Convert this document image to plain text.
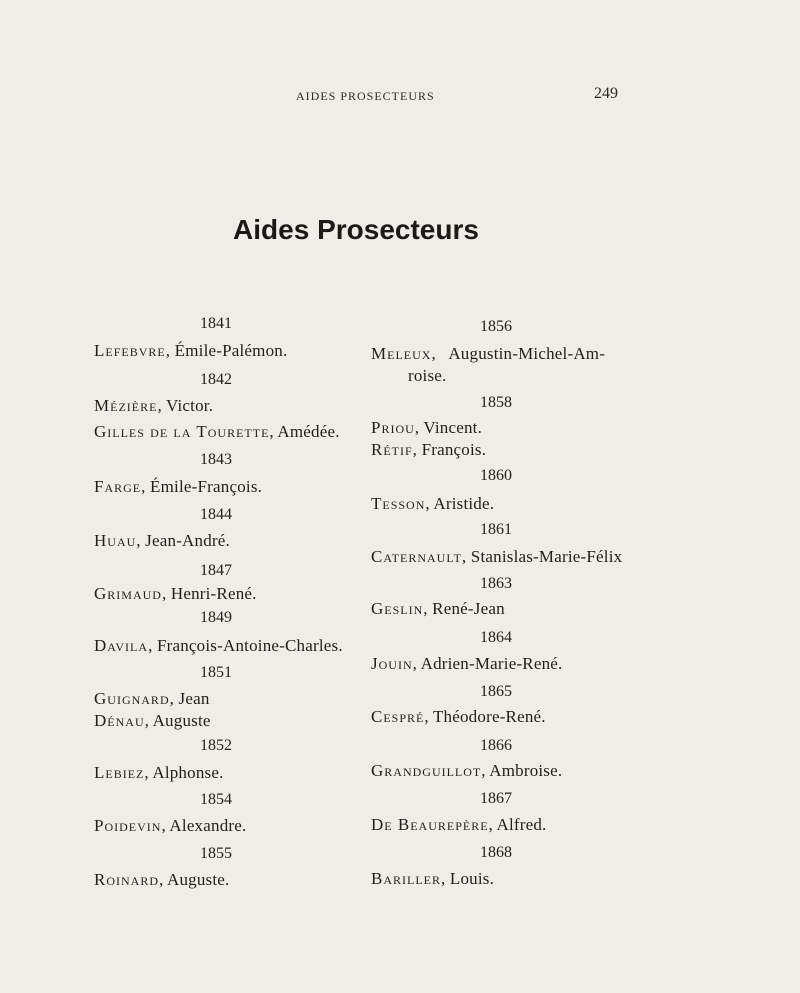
AIDES PROSECTEURS	249
Aides Prosecteurs
1841
Lefebvre, Émile-Palémon.
1842
Mézière, Victor.
Gilles de la Tourette, Amédée.
1843
Farge, Émile-François.
1844
Huau, Jean-André.
1847
Grimaud, Henri-René.
1849
Davila, François-Antoine-Charles.
1851
Guignard, Jean
Dénau, Auguste
1852
Lebiez, Alphonse.
1854
Poidevin, Alexandre.
1855
Roinard, Auguste.
1856
Meleux,   Augustin-Michel-Am-
roise.
1858
Priou, Vincent.
Rétif, François.
1860
Tesson, Aristide.
1861
Caternault, Stanislas-Marie-Félix
1863
Geslin, René-Jean
1864
Jouin, Adrien-Marie-René.
1865
Cespré, Théodore-René.
1866
Grandguillot, Ambroise.
1867
De Beaurepère, Alfred.
1868
Bariller, Louis.
